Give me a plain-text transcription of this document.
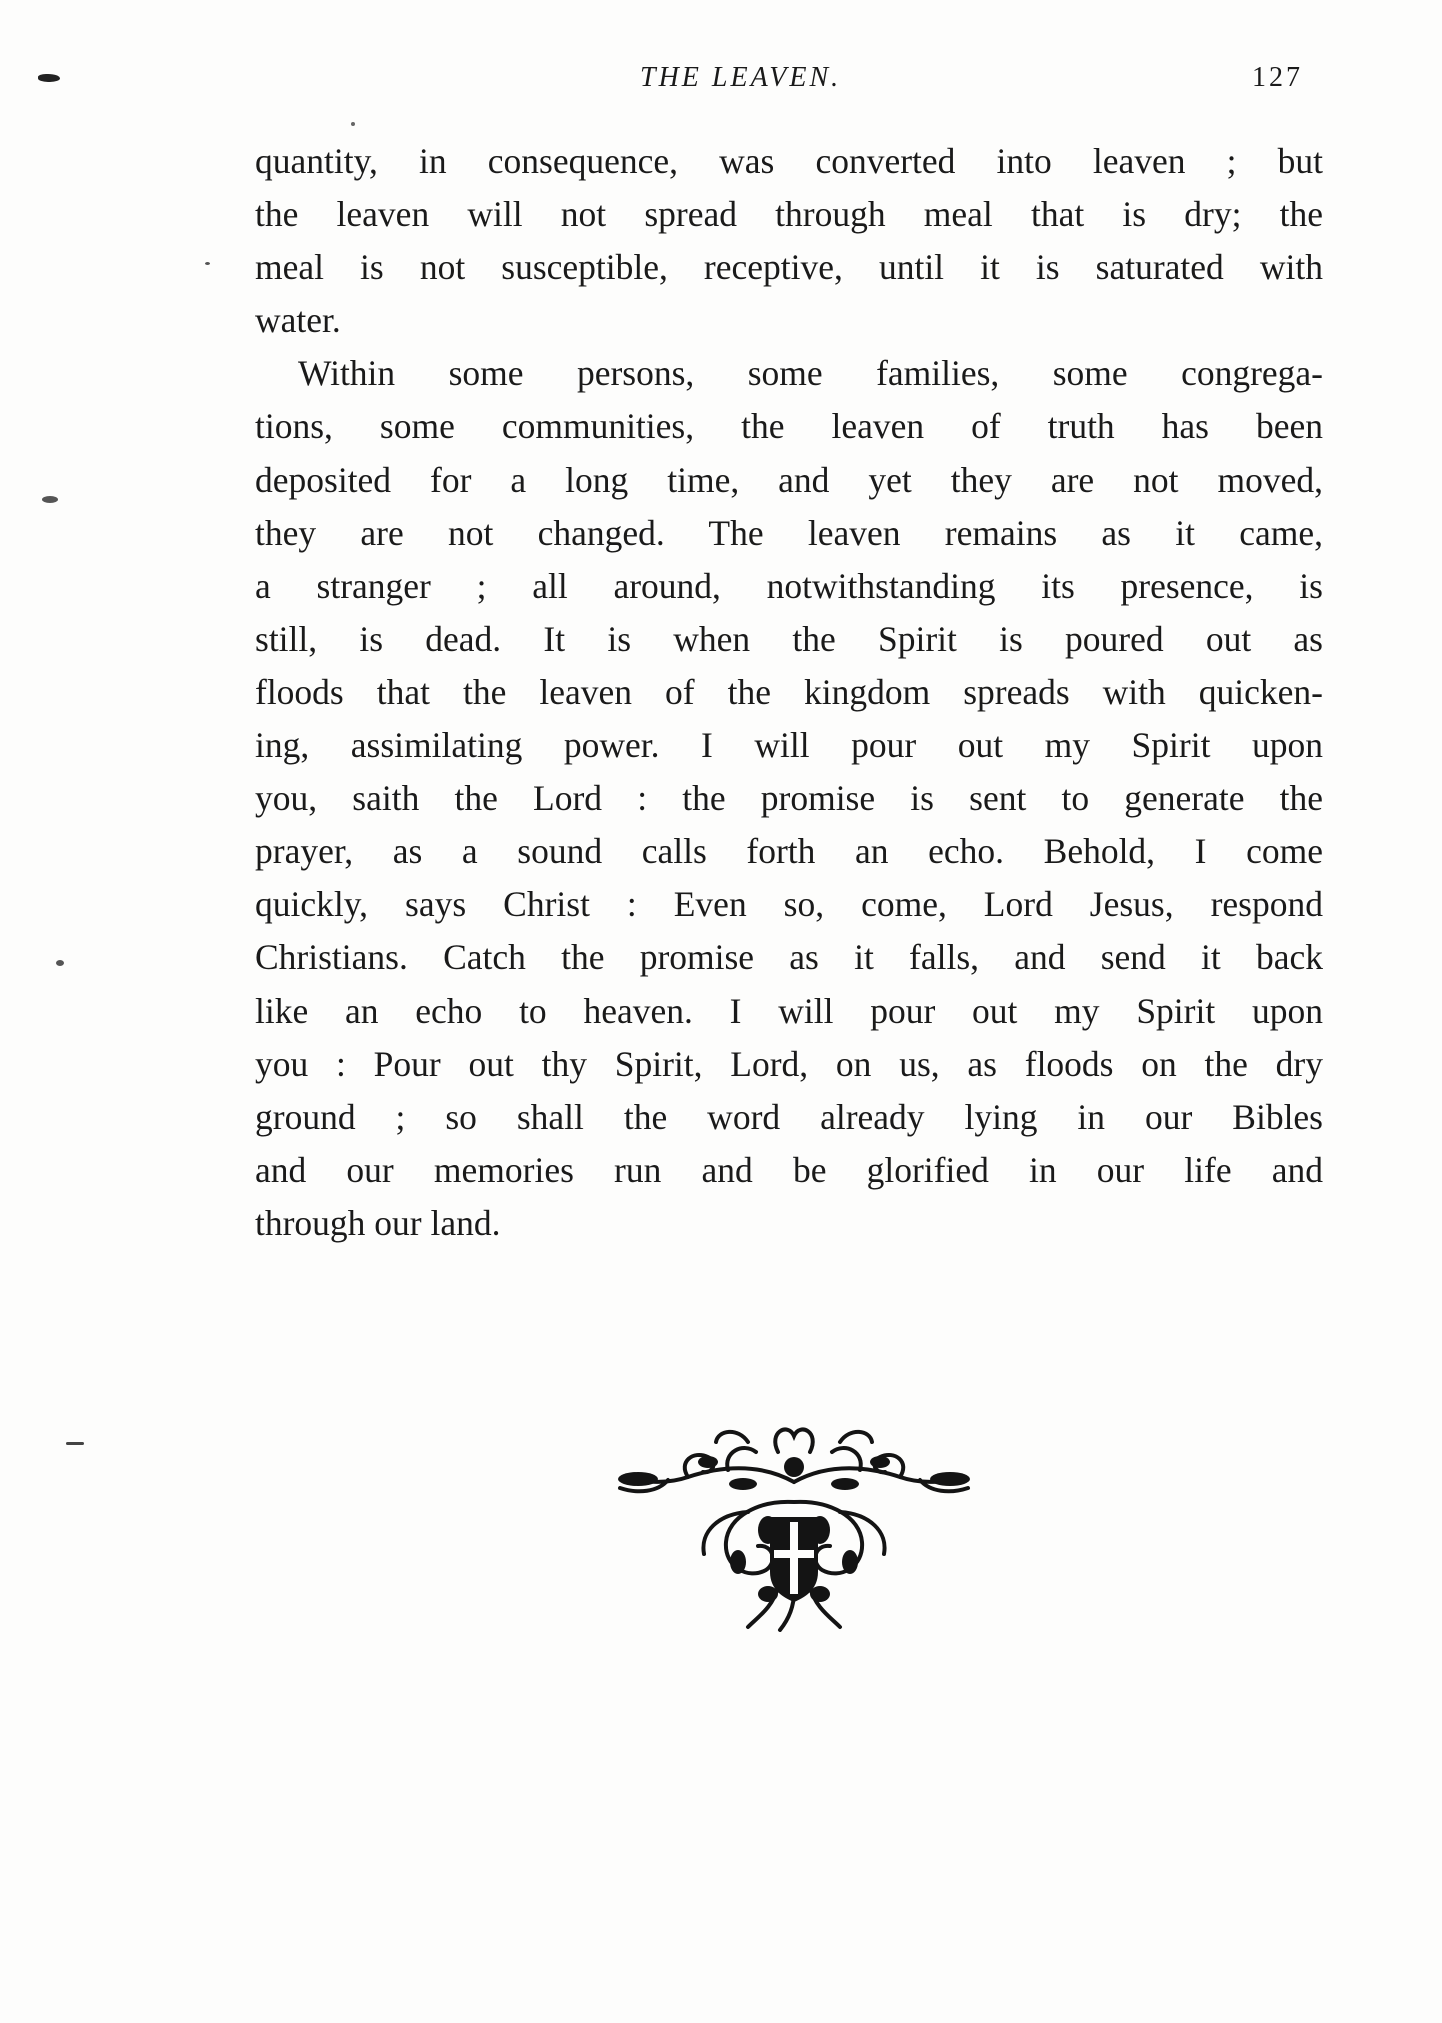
THE LEAVEN.	127
quantity, in consequence, was converted into leaven ; but
the leaven will not spread through meal that is dry; the
meal is not susceptible, receptive, until it is saturated with
water.
Within some persons, some families, some congrega-
tions, some communities, the leaven of truth has been
deposited for a long time, and yet they are not moved,
they are not changed. The leaven remains as it came,
a stranger ; all around, notwithstanding its presence, is
still, is dead. It is when the Spirit is poured out as
floods that the leaven of the kingdom spreads with quicken-
ing, assimilating power. I will pour out my Spirit upon
you, saith the Lord : the promise is sent to generate the
prayer, as a sound calls forth an echo. Behold, I come
quickly, says Christ : Even so, come, Lord Jesus, respond
Christians. Catch the promise as it falls, and send it back
like an echo to heaven. I will pour out my Spirit upon
you : Pour out thy Spirit, Lord, on us, as floods on the dry
ground ; so shall the word already lying in our Bibles
and our memories run and be glorified in our life and
through our land.
